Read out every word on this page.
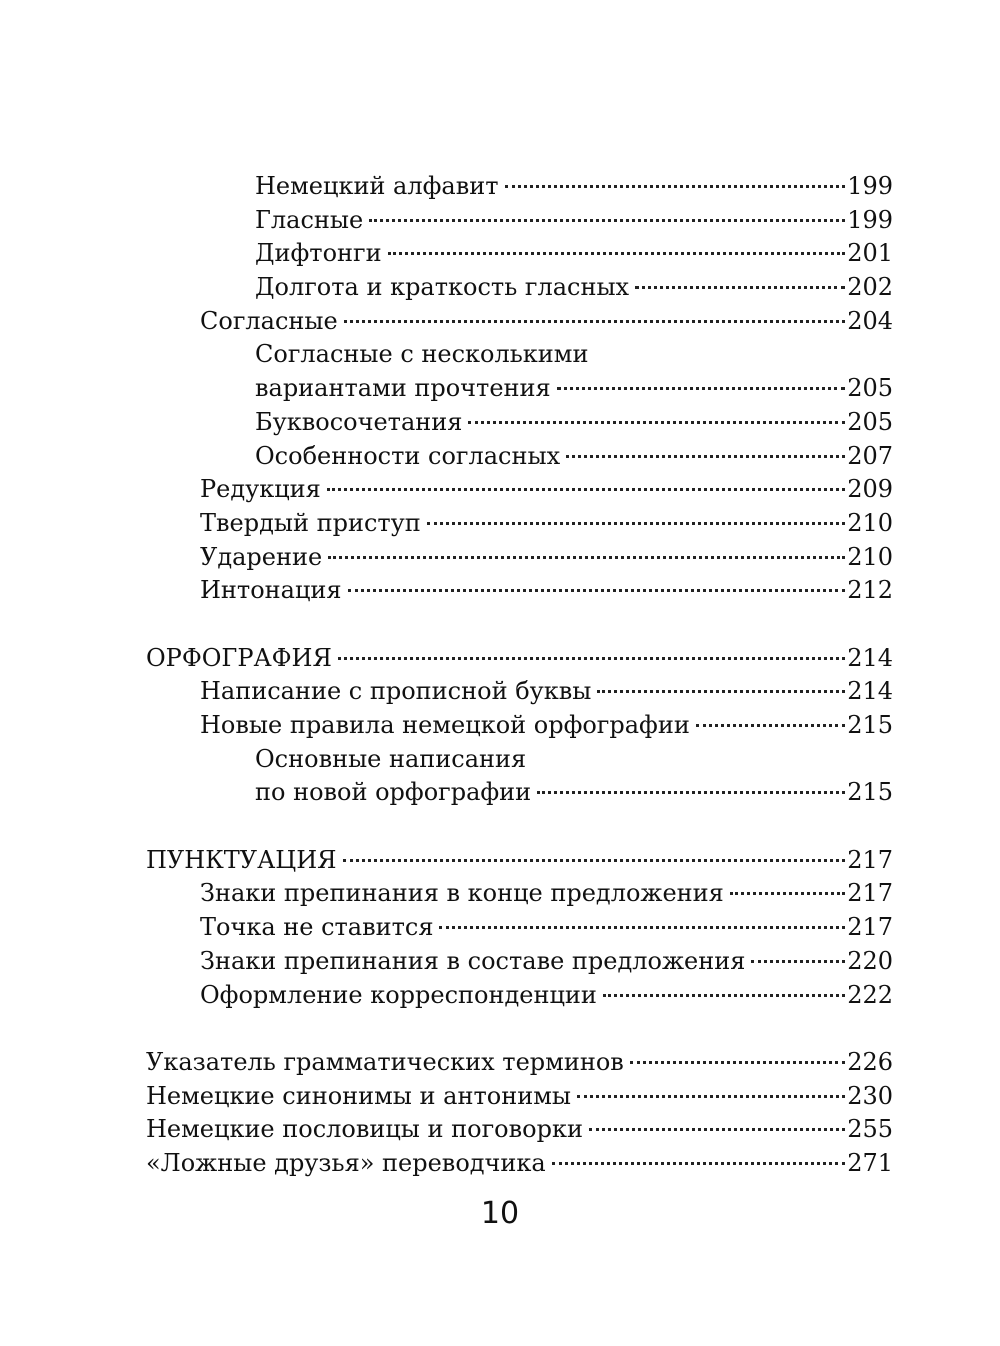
Немецкий алфавит	199
Гласные	199
Дифтонги	201
Долгота и краткость гласных	202
Согласные	204
Согласные с несколькими
вариантами прочтения	205
Буквосочетания	205
Особенности согласных	207
Редукция	209
Твердый приступ	210
Ударение	210
Интонация	212
ОРФОГРАФИЯ	214
Написание с прописной буквы	214
Новые правила немецкой орфографии	215
Основные написания
по новой орфографии	215
ПУНКТУАЦИЯ	217
Знаки препинания в конце предложения	217
Точка не ставится	217
Знаки препинания в составе предложения	220
Оформление корреспонденции	222
Указатель грамматических терминов	226
Немецкие синонимы и антонимы	230
Немецкие пословицы и поговорки	255
«Ложные друзья» переводчика	271
10
